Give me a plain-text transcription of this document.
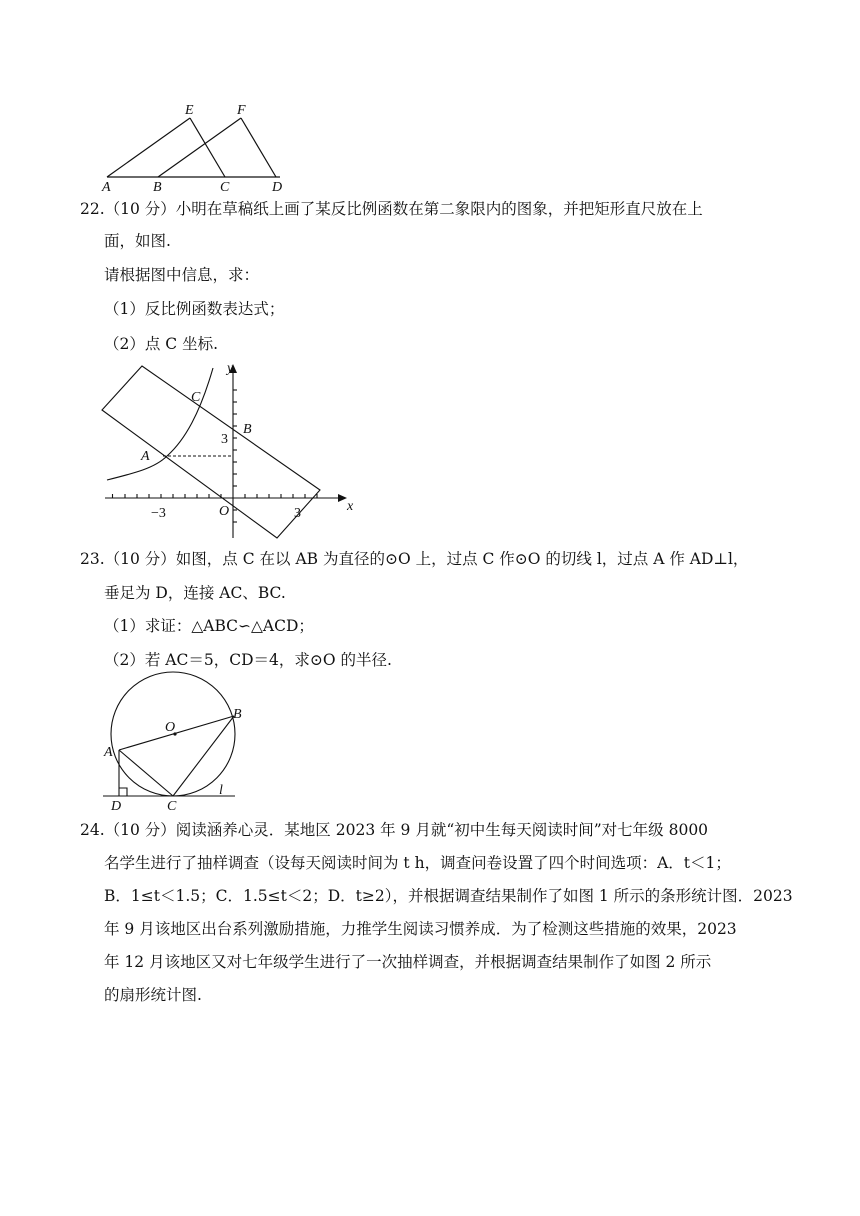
E	F
A	B	C	D
22.（10 分）小明在草稿纸上画了某反比例函数在第二象限内的图象，并把矩形直尺放在上
面，如图.
请根据图中信息，求：
（1）反比例函数表达式；
（2）点 C 坐标.
y
x
C
B
A
3
−3	O	3
23.（10 分）如图，点 C 在以 AB 为直径的⊙O 上，过点 C 作⊙O 的切线 l，过点 A 作 AD⊥l，
垂足为 D，连接 AC、BC.
（1）求证：△ABC∽△ACD；
（2）若 AC＝5，CD＝4，求⊙O 的半径.
O
B
A
D	C
l
24.（10 分）阅读涵养心灵．某地区 2023 年 9 月就“初中生每天阅读时间”对七年级 8000
名学生进行了抽样调查（设每天阅读时间为 t h，调查问卷设置了四个时间选项：A．t＜1；
B．1≤t＜1.5；C．1.5≤t＜2；D．t≥2），并根据调查结果制作了如图 1 所示的条形统计图．2023
年 9 月该地区出台系列激励措施，力推学生阅读习惯养成．为了检测这些措施的效果，2023
年 12 月该地区又对七年级学生进行了一次抽样调查，并根据调查结果制作了如图 2 所示
的扇形统计图.
